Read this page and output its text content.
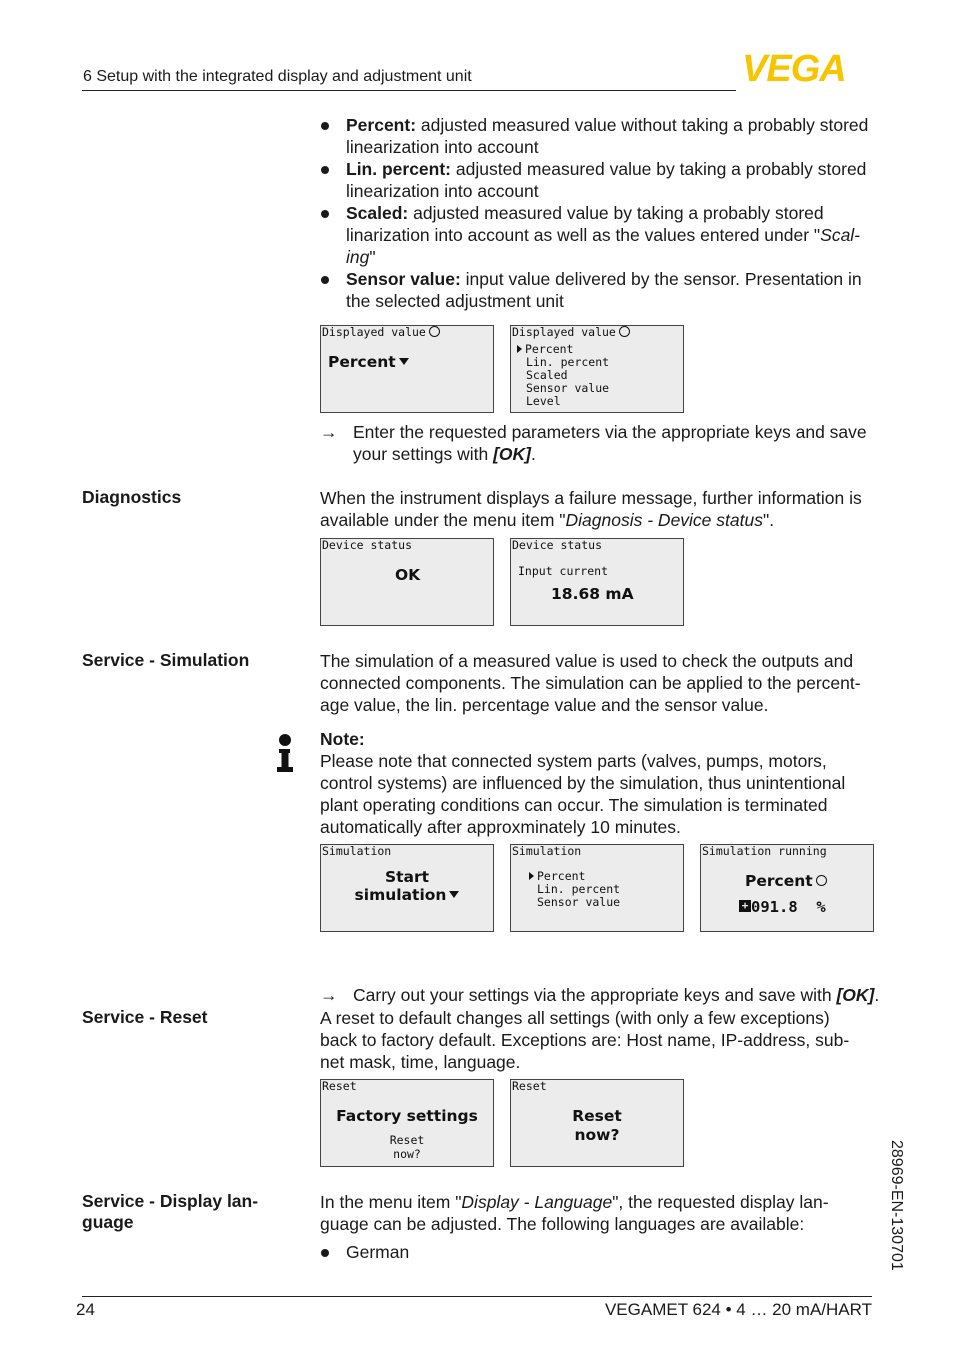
6 Setup with the integrated display and adjustment unit	VEGA
Percent: adjusted measured value without taking a probably stored linearization into account
Lin. percent: adjusted measured value by taking a probably stored linearization into account
Scaled: adjusted measured value by taking a probably stored linarization into account as well as the values entered under "Scal-ing"
Sensor value: input value delivered by the sensor. Presentation in the selected adjustment unit
Displayed value
Percent
Displayed value
Percent
Lin. percent
Scaled
Sensor value
Level
→ Enter the requested parameters via the appropriate keys and save your settings with [OK].
Diagnostics	When the instrument displays a failure message, further information is available under the menu item "Diagnosis - Device status".
Device status
OK
Device status
Input current
18.68 mA
Service - Simulation	The simulation of a measured value is used to check the outputs and connected components. The simulation can be applied to the percent-age value, the lin. percentage value and the sensor value.
Note:
Please note that connected system parts (valves, pumps, motors, control systems) are influenced by the simulation, thus unintentional plant operating conditions can occur. The simulation is terminated automatically after approxminately 10 minutes.
Simulation
Start
simulation
Simulation
Percent
Lin. percent
Sensor value
Simulation running
Percent
+ 091.8 %
→ Carry out your settings via the appropriate keys and save with [OK].
Service - Reset	A reset to default changes all settings (with only a few exceptions) back to factory default. Exceptions are: Host name, IP-address, sub-net mask, time, language.
Reset
Factory settings
Reset
now?
Reset
Reset
now?
Service - Display lan-guage
In the menu item "Display - Language", the requested display lan-guage can be adjusted. The following languages are available:
German	28969-EN-130701
24	VEGAMET 624 • 4 … 20 mA/HART
